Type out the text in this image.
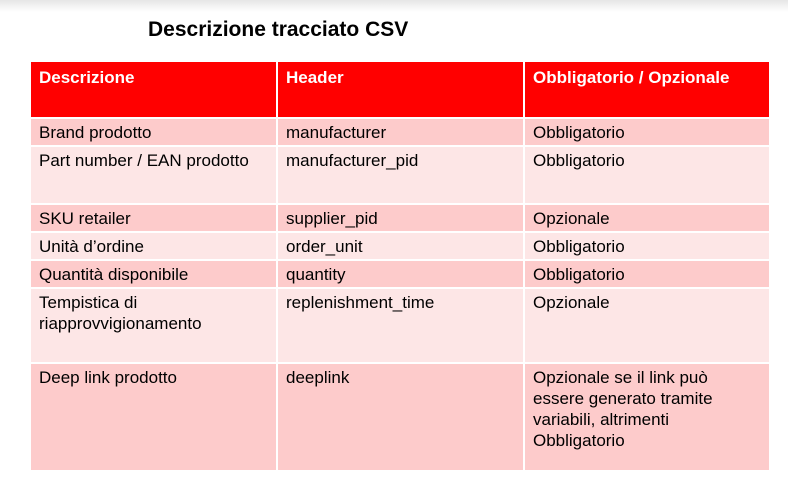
Descrizione tracciato CSV
Descrizione	Header	Obbligatorio / Opzionale
Brand prodotto	manufacturer	Obbligatorio
Part number / EAN prodotto	manufacturer_pid	Obbligatorio
SKU retailer	supplier_pid	Opzionale
Unità d’ordine	order_unit	Obbligatorio
Quantità disponibile	quantity	Obbligatorio
Tempistica di riapprovvigionamento	replenishment_time	Opzionale
Deep link prodotto	deeplink	Opzionale se il link può essere generato tramite variabili, altrimenti Obbligatorio
